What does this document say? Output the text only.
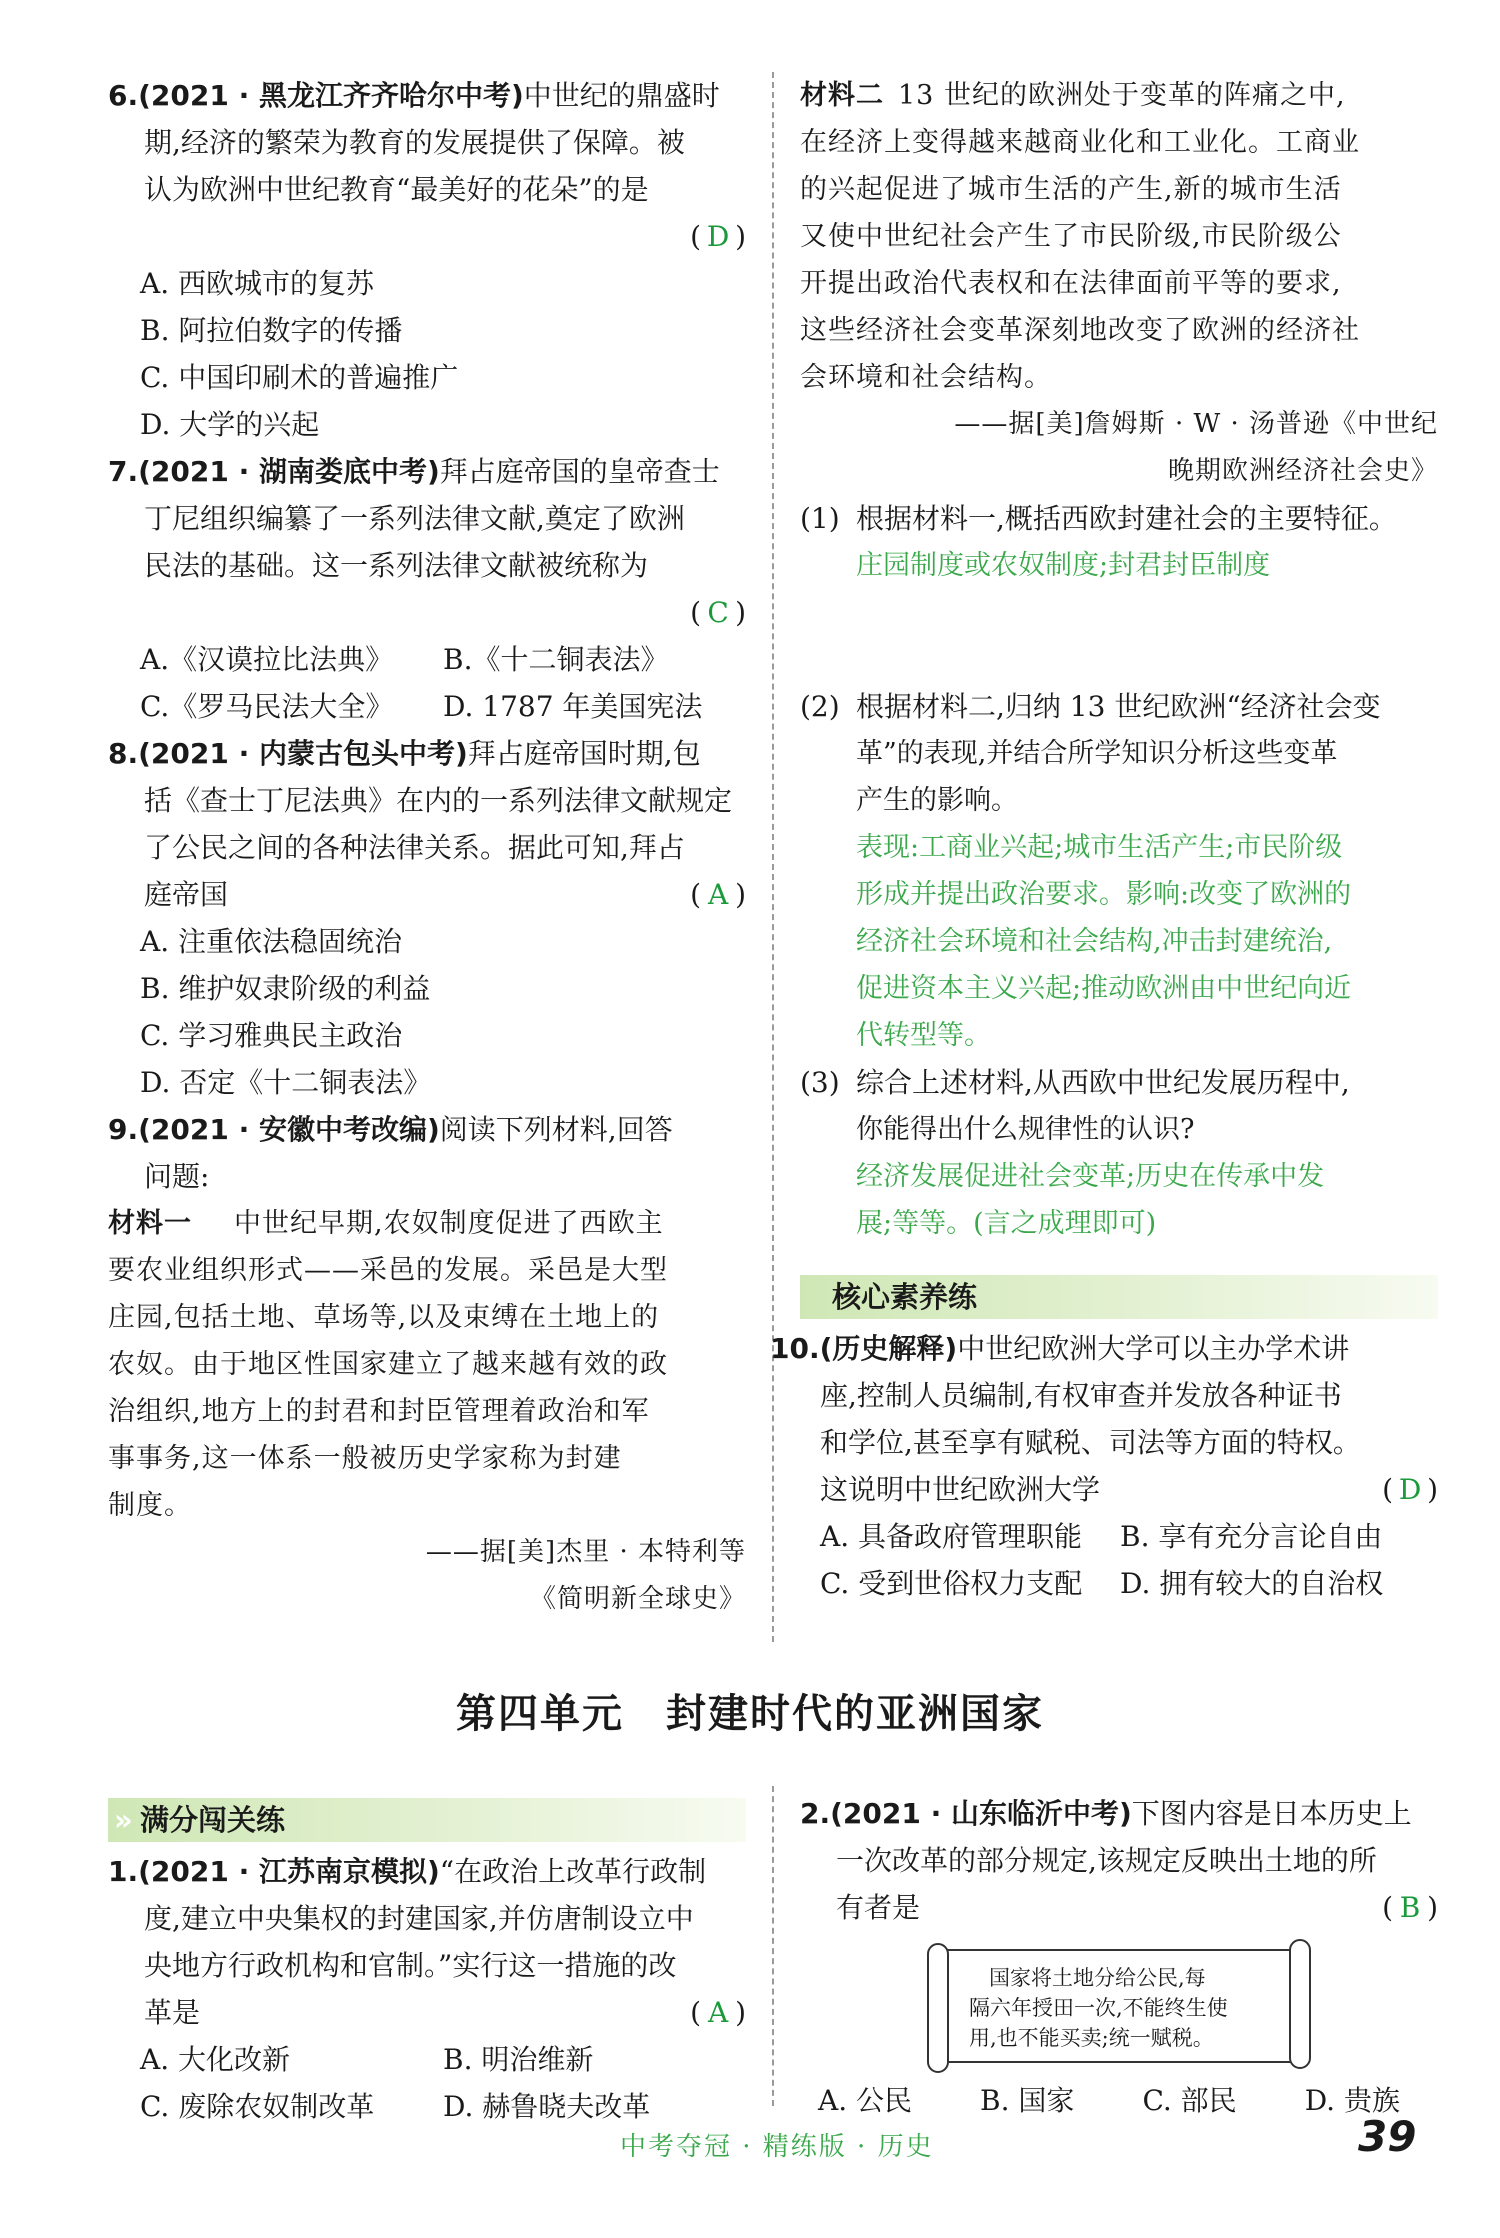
6.(2021 · 黑龙江齐齐哈尔中考)中世纪的鼎盛时
期,经济的繁荣为教育的发展提供了保障。被
认为欧洲中世纪教育“最美好的花朵”的是
( D )
A. 西欧城市的复苏
B. 阿拉伯数字的传播
C. 中国印刷术的普遍推广
D. 大学的兴起
7.(2021 · 湖南娄底中考)拜占庭帝国的皇帝查士
丁尼组织编纂了一系列法律文献,奠定了欧洲
民法的基础。这一系列法律文献被统称为
( C )
A.《汉谟拉比法典》	B.《十二铜表法》
C.《罗马民法大全》	D. 1787 年美国宪法
8.(2021 · 内蒙古包头中考)拜占庭帝国时期,包
括《查士丁尼法典》在内的一系列法律文献规定
了公民之间的各种法律关系。据此可知,拜占
庭帝国	( A )
A. 注重依法稳固统治
B. 维护奴隶阶级的利益
C. 学习雅典民主政治
D. 否定《十二铜表法》
9.(2021 · 安徽中考改编)阅读下列材料,回答
问题:
材料一　 中世纪早期,农奴制度促进了西欧主
要农业组织形式——采邑的发展。采邑是大型
庄园,包括土地、草场等,以及束缚在土地上的
农奴。由于地区性国家建立了越来越有效的政
治组织,地方上的封君和封臣管理着政治和军
事事务,这一体系一般被历史学家称为封建
制度。
——据[美]杰里 · 本特利等
《简明新全球史》
材料二 13 世纪的欧洲处于变革的阵痛之中,
在经济上变得越来越商业化和工业化。工商业
的兴起促进了城市生活的产生,新的城市生活
又使中世纪社会产生了市民阶级,市民阶级公
开提出政治代表权和在法律面前平等的要求,
这些经济社会变革深刻地改变了欧洲的经济社
会环境和社会结构。
——据[美]詹姆斯 · W · 汤普逊《中世纪
晚期欧洲经济社会史》
(1) 根据材料一,概括西欧封建社会的主要特征。
庄园制度或农奴制度;封君封臣制度
(2) 根据材料二,归纳 13 世纪欧洲“经济社会变
革”的表现,并结合所学知识分析这些变革
产生的影响。
表现:工商业兴起;城市生活产生;市民阶级
形成并提出政治要求。影响:改变了欧洲的
经济社会环境和社会结构,冲击封建统治,
促进资本主义兴起;推动欧洲由中世纪向近
代转型等。
(3) 综合上述材料,从西欧中世纪发展历程中,
你能得出什么规律性的认识?
经济发展促进社会变革;历史在传承中发
展;等等。(言之成理即可)
核心素养练
10.(历史解释)中世纪欧洲大学可以主办学术讲
座,控制人员编制,有权审查并发放各种证书
和学位,甚至享有赋税、司法等方面的特权。
这说明中世纪欧洲大学	( D )
A. 具备政府管理职能	B. 享有充分言论自由
C. 受到世俗权力支配	D. 拥有较大的自治权
第四单元　封建时代的亚洲国家
» 满分闯关练
1.(2021 · 江苏南京模拟)“在政治上改革行政制
度,建立中央集权的封建国家,并仿唐制设立中
央地方行政机构和官制。”实行这一措施的改
革是	( A )
A. 大化改新	B. 明治维新
C. 废除农奴制改革	D. 赫鲁晓夫改革
2.(2021 · 山东临沂中考)下图内容是日本历史上
一次改革的部分规定,该规定反映出土地的所
有者是	( B )
国家将土地分给公民,每
隔六年授田一次,不能终生使
用,也不能买卖;统一赋税。
A. 公民 B. 国家 C. 部民 D. 贵族
中考夺冠 · 精练版 · 历史	39
